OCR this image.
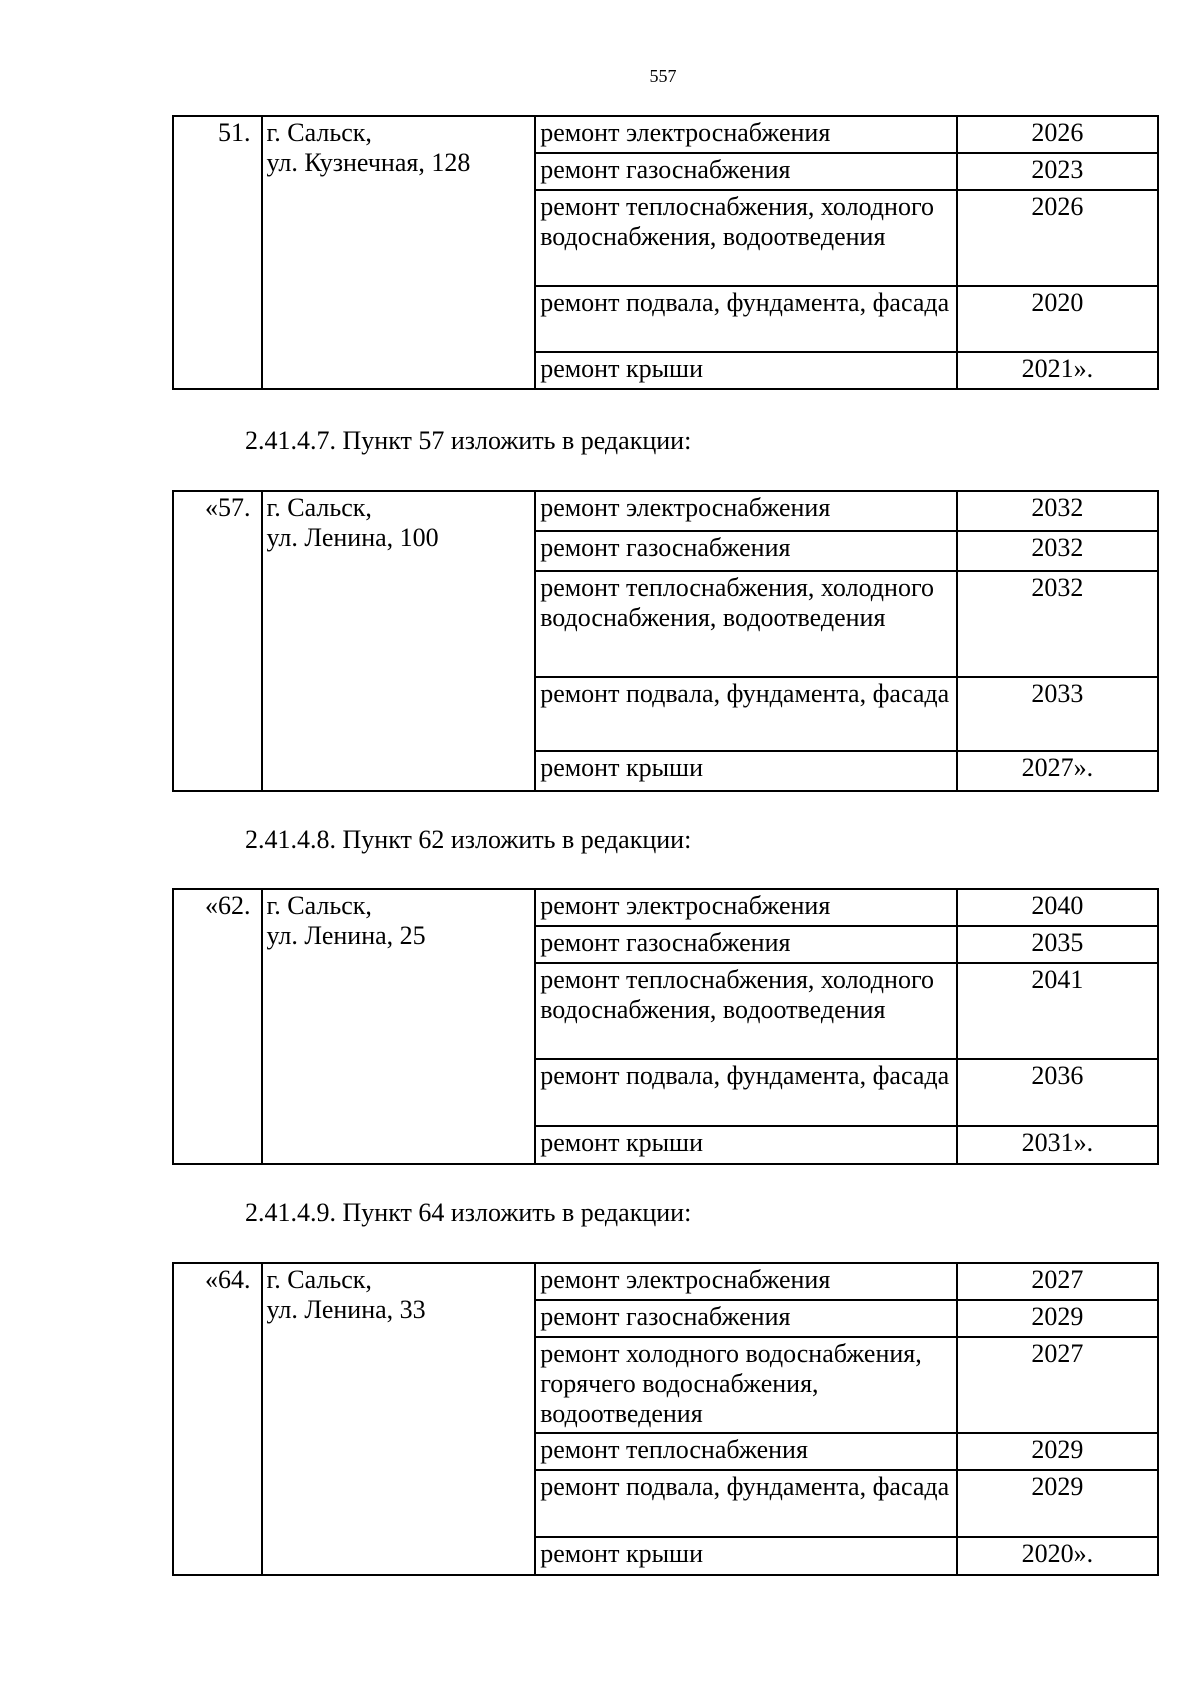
557
51.	г. Сальск,
ул. Кузнечная, 128	ремонт электроснабжения	2026
		ремонт газоснабжения	2023
		ремонт теплоснабжения, холодного водоснабжения, водоотведения	2026
		ремонт подвала, фундамента, фасада	2020
		ремонт крыши	2021».
2.41.4.7. Пункт 57 изложить в редакции:
«57.	г. Сальск,
ул. Ленина, 100	ремонт электроснабжения	2032
		ремонт газоснабжения	2032
		ремонт теплоснабжения, холодного водоснабжения, водоотведения	2032
		ремонт подвала, фундамента, фасада	2033
		ремонт крыши	2027».
2.41.4.8. Пункт 62 изложить в редакции:
«62.	г. Сальск,
ул. Ленина, 25	ремонт электроснабжения	2040
		ремонт газоснабжения	2035
		ремонт теплоснабжения, холодного водоснабжения, водоотведения	2041
		ремонт подвала, фундамента, фасада	2036
		ремонт крыши	2031».
2.41.4.9. Пункт 64 изложить в редакции:
«64.	г. Сальск,
ул. Ленина, 33	ремонт электроснабжения	2027
		ремонт газоснабжения	2029
		ремонт холодного водоснабжения, горячего водоснабжения, водоотведения	2027
		ремонт теплоснабжения	2029
		ремонт подвала, фундамента, фасада	2029
		ремонт крыши	2020».
